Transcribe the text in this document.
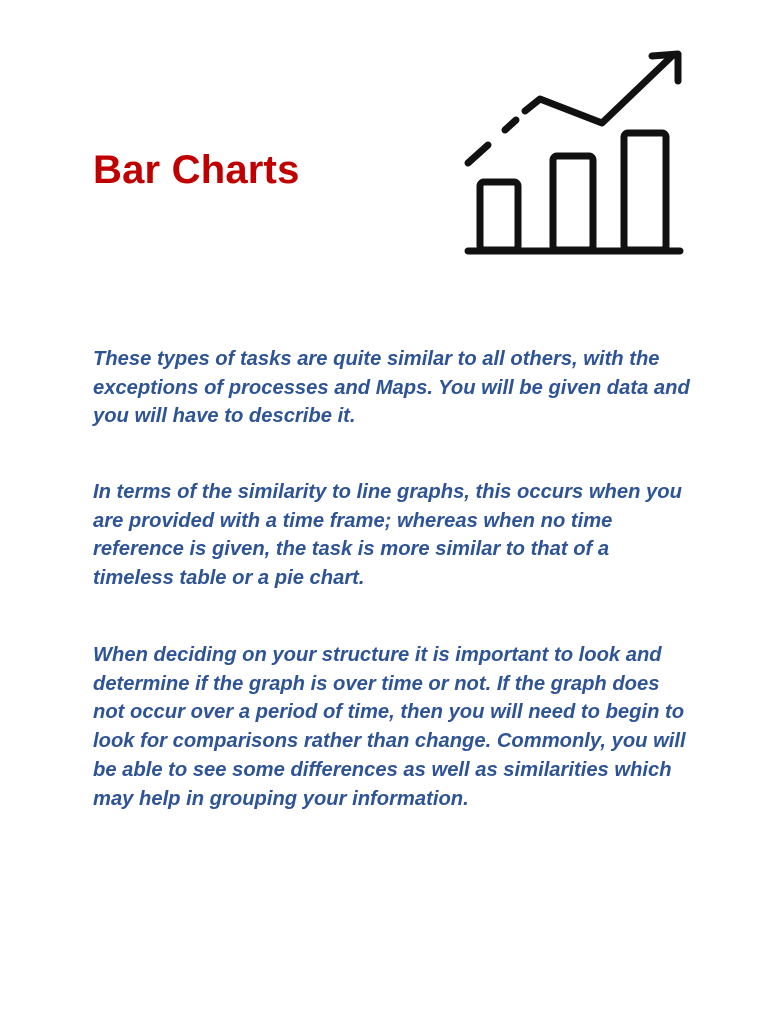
Bar Charts

These types of tasks are quite similar to all others, with the exceptions of processes and Maps. You will be given data and you will have to describe it.

In terms of the similarity to line graphs, this occurs when you are provided with a time frame; whereas when no time reference is given, the task is more similar to that of a timeless table or a pie chart.

When deciding on your structure it is important to look and determine if the graph is over time or not. If the graph does not occur over a period of time, then you will need to begin to look for comparisons rather than change. Commonly, you will be able to see some differences as well as similarities which may help in grouping your information.
